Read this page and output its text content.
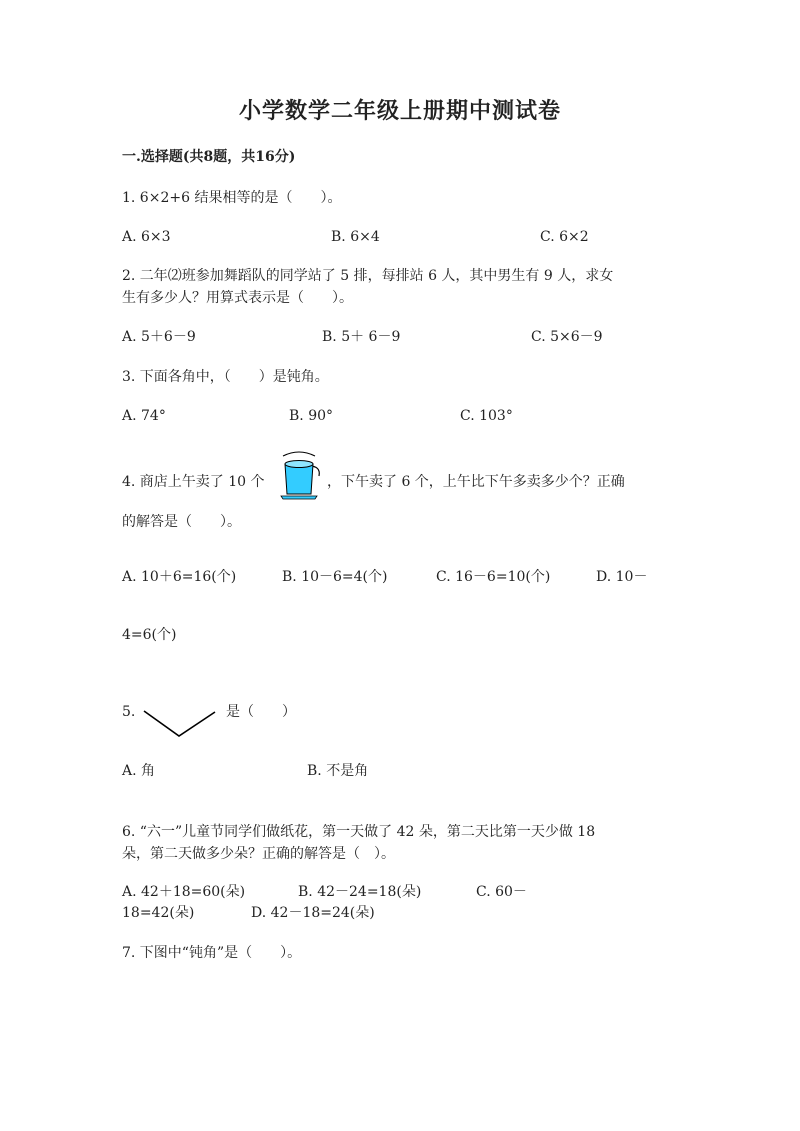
小学数学二年级上册期中测试卷
一.选择题(共8题，共16分)
1. 6×2+6 结果相等的是（　　）。
A. 6×3	B. 6×4	C. 6×2
2. 二年⑵班参加舞蹈队的同学站了 5 排，每排站 6 人，其中男生有 9 人，求女
生有多少人？用算式表示是（　　）。
A. 5＋6－9	B. 5＋ 6－9	C. 5×6－9
3. 下面各角中，（　　）是钝角。
A. 74°	B. 90°	C. 103°
4. 商店上午卖了 10 个	，下午卖了 6 个，上午比下午多卖多少个？正确
的解答是（　　）。
A. 10＋6=16(个)	B. 10－6=4(个)	C. 16－6=10(个)	D. 10－
4=6(个)
5.	是（　　）
A. 角	B. 不是角
6. “六一”儿童节同学们做纸花，第一天做了 42 朵，第二天比第一天少做 18
朵，第二天做多少朵？正确的解答是（　）。
A. 42＋18=60(朵)	B. 42－24=18(朵)	C. 60－
18=42(朵)	D. 42－18=24(朵)
7. 下图中“钝角”是（　　）。
